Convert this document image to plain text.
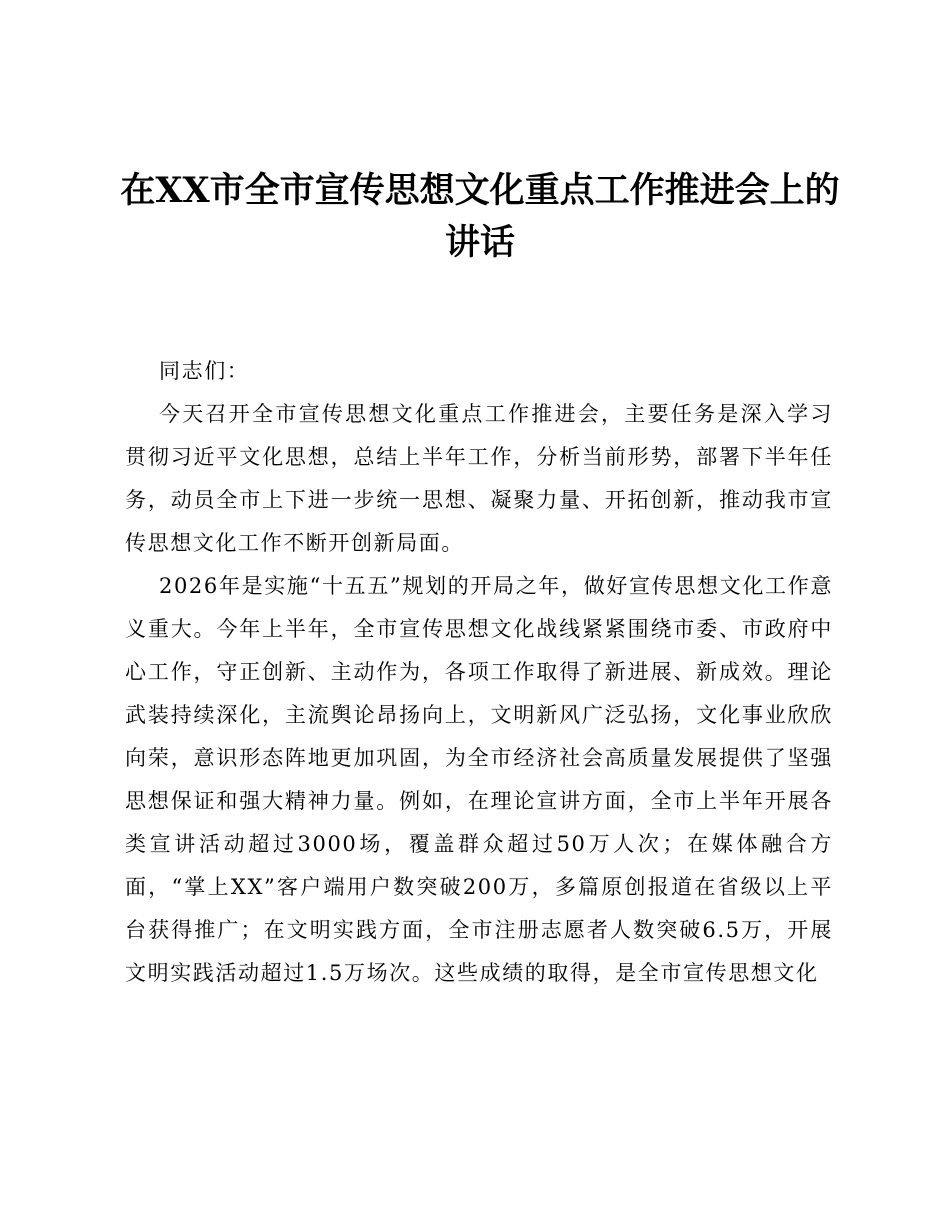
在XX市全市宣传思想文化重点工作推进会上的讲话

同志们：

今天召开全市宣传思想文化重点工作推进会，主要任务是深入学习贯彻习近平文化思想，总结上半年工作，分析当前形势，部署下半年任务，动员全市上下进一步统一思想、凝聚力量、开拓创新，推动我市宣传思想文化工作不断开创新局面。

2026年是实施“十五五”规划的开局之年，做好宣传思想文化工作意义重大。今年上半年，全市宣传思想文化战线紧紧围绕市委、市政府中心工作，守正创新、主动作为，各项工作取得了新进展、新成效。理论武装持续深化，主流舆论昂扬向上，文明新风广泛弘扬，文化事业欣欣向荣，意识形态阵地更加巩固，为全市经济社会高质量发展提供了坚强思想保证和强大精神力量。例如，在理论宣讲方面，全市上半年开展各类宣讲活动超过3000场，覆盖群众超过50万人次；在媒体融合方面，“掌上XX”客户端用户数突破200万，多篇原创报道在省级以上平台获得推广；在文明实践方面，全市注册志愿者人数突破6.5万，开展文明实践活动超过1.5万场次。这些成绩的取得，是全市宣传思想文化
